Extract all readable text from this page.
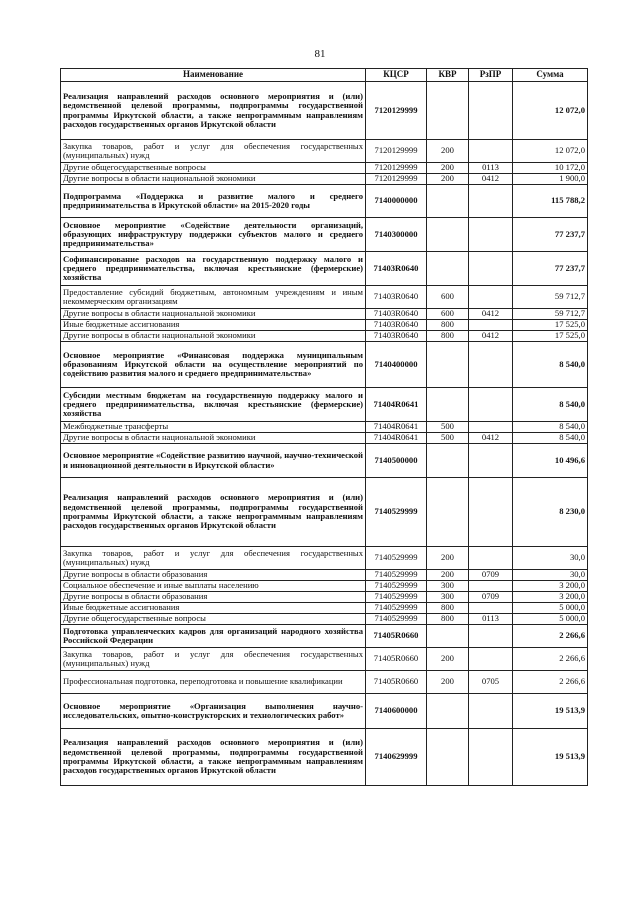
81
Наименование	КЦСР	КВР	РзПР	Сумма
Реализация направлений расходов основного мероприятия и (или) ведомственной целевой программы, подпрограммы государственной программы Иркутской области, а также непрограммным направлениям расходов государственных органов Иркутской области	7120129999			12 072,0
Закупка товаров, работ и услуг для обеспечения государственных (муниципальных) нужд	7120129999	200		12 072,0
Другие общегосударственные вопросы	7120129999	200	0113	10 172,0
Другие вопросы в области национальной экономики	7120129999	200	0412	1 900,0
Подпрограмма «Поддержка и развитие малого и среднего предпринимательства в Иркутской области» на 2015-2020 годы	7140000000			115 788,2
Основное мероприятие «Содействие деятельности организаций, образующих инфраструктуру поддержки субъектов малого и среднего предпринимательства»	7140300000			77 237,7
Софинансирование расходов на государственную поддержку малого и среднего предпринимательства, включая крестьянские (фермерские) хозяйства	71403R0640			77 237,7
Предоставление субсидий бюджетным, автономным учреждениям и иным некоммерческим организациям	71403R0640	600		59 712,7
Другие вопросы в области национальной экономики	71403R0640	600	0412	59 712,7
Иные бюджетные ассигнования	71403R0640	800		17 525,0
Другие вопросы в области национальной экономики	71403R0640	800	0412	17 525,0
Основное мероприятие «Финансовая поддержка муниципальным образованиям Иркутской области на осуществление мероприятий по содействию развития малого и среднего предпринимательства»	7140400000			8 540,0
Субсидии местным бюджетам на государственную поддержку малого и среднего предпринимательства, включая крестьянские (фермерские) хозяйства	71404R0641			8 540,0
Межбюджетные трансферты	71404R0641	500		8 540,0
Другие вопросы в области национальной экономики	71404R0641	500	0412	8 540,0
Основное мероприятие «Содействие развитию научной, научно-технической и инновационной деятельности в Иркутской области»	7140500000			10 496,6
Реализация направлений расходов основного мероприятия и (или) ведомственной целевой программы, подпрограммы государственной программы Иркутской области, а также непрограммным направлениям расходов государственных органов Иркутской области	7140529999			8 230,0
Закупка товаров, работ и услуг для обеспечения государственных (муниципальных) нужд	7140529999	200		30,0
Другие вопросы в области образования	7140529999	200	0709	30,0
Социальное обеспечение и иные выплаты населению	7140529999	300		3 200,0
Другие вопросы в области образования	7140529999	300	0709	3 200,0
Иные бюджетные ассигнования	7140529999	800		5 000,0
Другие общегосударственные вопросы	7140529999	800	0113	5 000,0
Подготовка управленческих кадров для организаций народного хозяйства Российской Федерации	71405R0660			2 266,6
Закупка товаров, работ и услуг для обеспечения государственных (муниципальных) нужд	71405R0660	200		2 266,6
Профессиональная подготовка, переподготовка и повышение квалификации	71405R0660	200	0705	2 266,6
Основное мероприятие «Организация выполнения научно-исследовательских, опытно-конструкторских и технологических работ»	7140600000			19 513,9
Реализация направлений расходов основного мероприятия и (или) ведомственной целевой программы, подпрограммы государственной программы Иркутской области, а также непрограммным направлениям расходов государственных органов Иркутской области	7140629999			19 513,9
